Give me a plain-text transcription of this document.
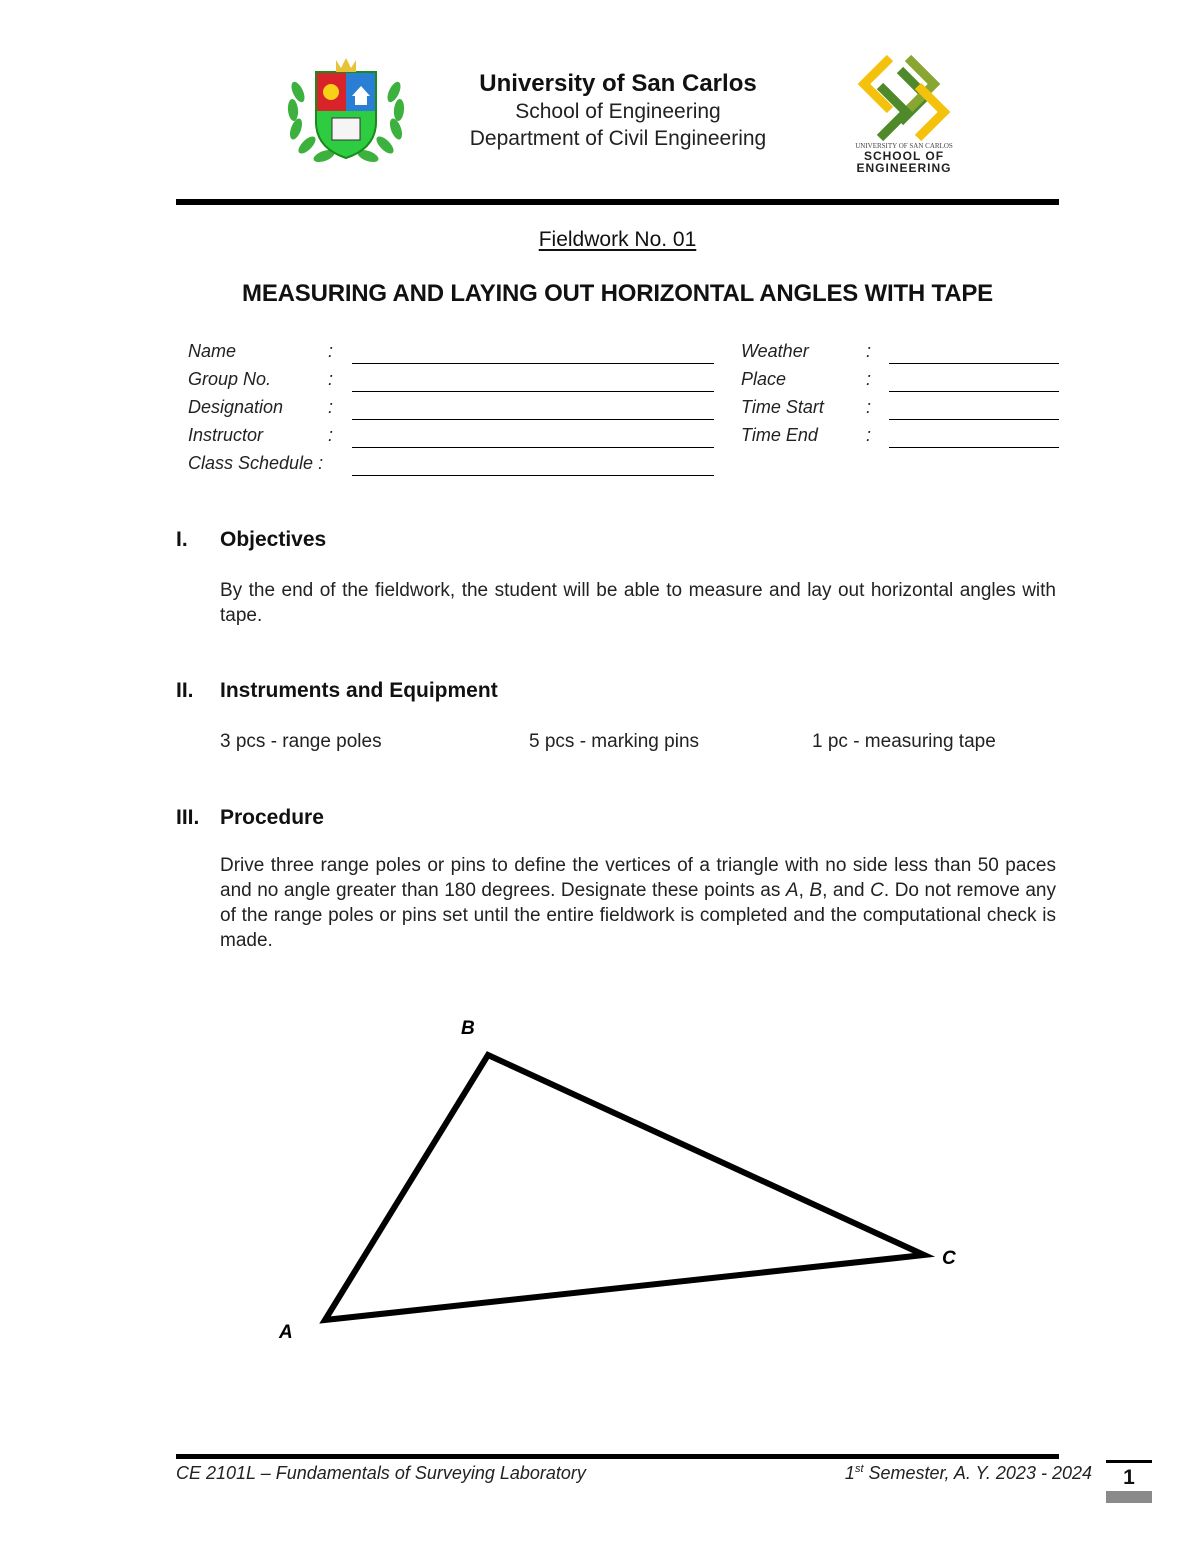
University of San Carlos
School of Engineering
Department of Civil Engineering	UNIVERSITY OF SAN CARLOS
SCHOOL OF
ENGINEERING
Fieldwork No. 01
MEASURING AND LAYING OUT HORIZONTAL ANGLES WITH TAPE
Name	:
Group No.	:
Designation :
Instructor	:
Class Schedule :
Weather	:
Place	:
Time Start :
Time End	:
I. Objectives
By the end of the fieldwork, the student will be able to measure and lay out horizontal angles with tape.
II. Instruments and Equipment
3 pcs - range poles	5 pcs - marking pins	1 pc - measuring tape
III. Procedure
Drive three range poles or pins to define the vertices of a triangle with no side less than 50 paces and no angle greater than 180 degrees. Designate these points as A, B, and C. Do not remove any of the range poles or pins set until the entire fieldwork is completed and the computational check is made.
B
C
A
CE 2101L – Fundamentals of Surveying Laboratory	1st Semester, A. Y. 2023 - 2024	1
